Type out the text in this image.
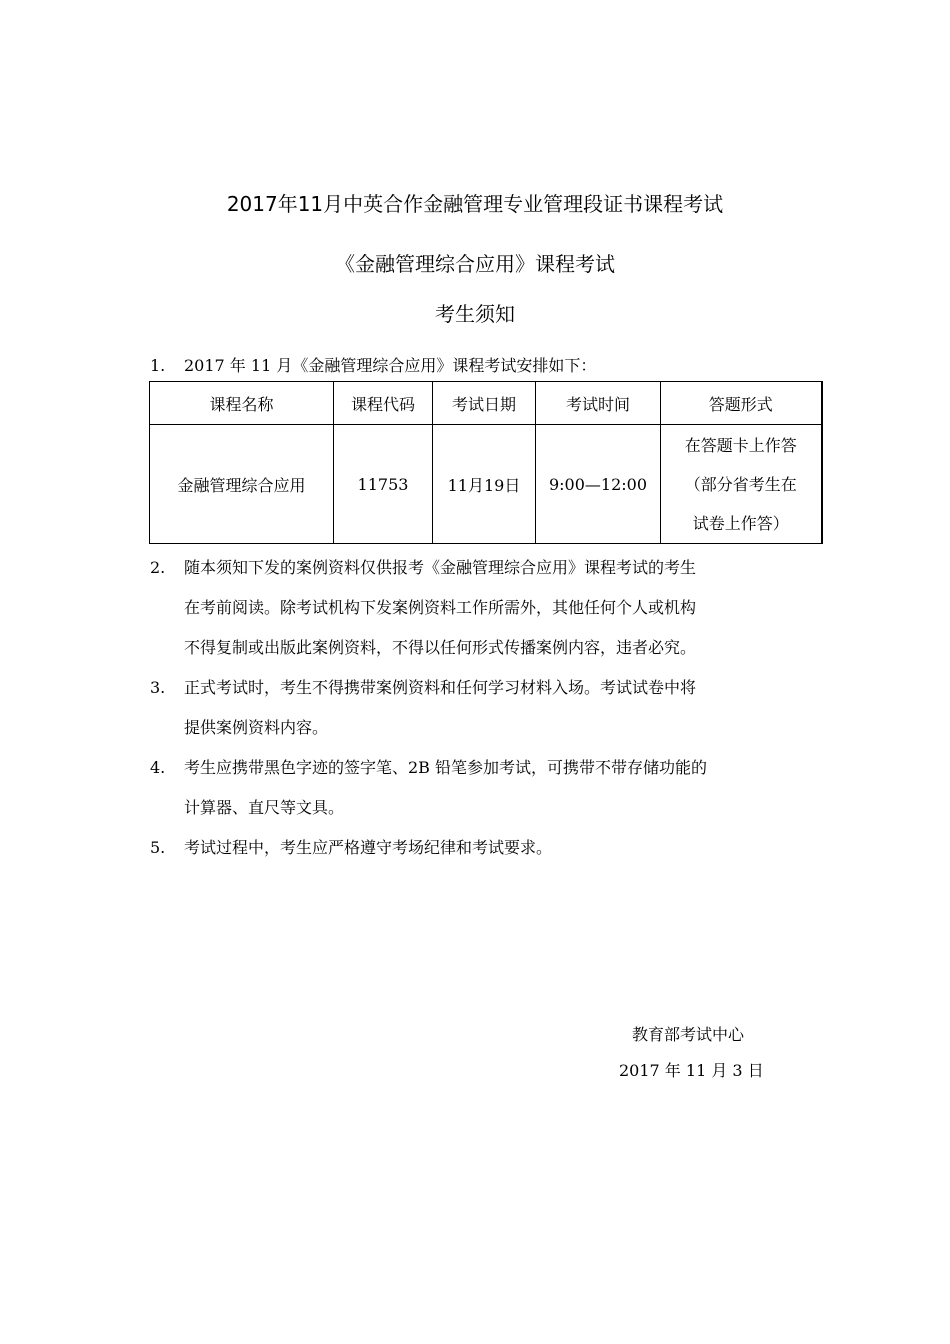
2017年11月中英合作金融管理专业管理段证书课程考试
《金融管理综合应用》课程考试
考生须知
1. 2017 年 11 月《金融管理综合应用》课程考试安排如下：
课程名称	课程代码	考试日期	考试时间	答题形式
金融管理综合应用	11753	11月19日	9:00—12:00	在答题卡上作答
（部分省考生在
试卷上作答）
2. 随本须知下发的案例资料仅供报考《金融管理综合应用》课程考试的考生
在考前阅读。除考试机构下发案例资料工作所需外，其他任何个人或机构
不得复制或出版此案例资料，不得以任何形式传播案例内容，违者必究。
3. 正式考试时，考生不得携带案例资料和任何学习材料入场。考试试卷中将
提供案例资料内容。
4. 考生应携带黑色字迹的签字笔、2B 铅笔参加考试，可携带不带存储功能的
计算器、直尺等文具。
5. 考试过程中，考生应严格遵守考场纪律和考试要求。
教育部考试中心
2017 年 11 月 3 日
